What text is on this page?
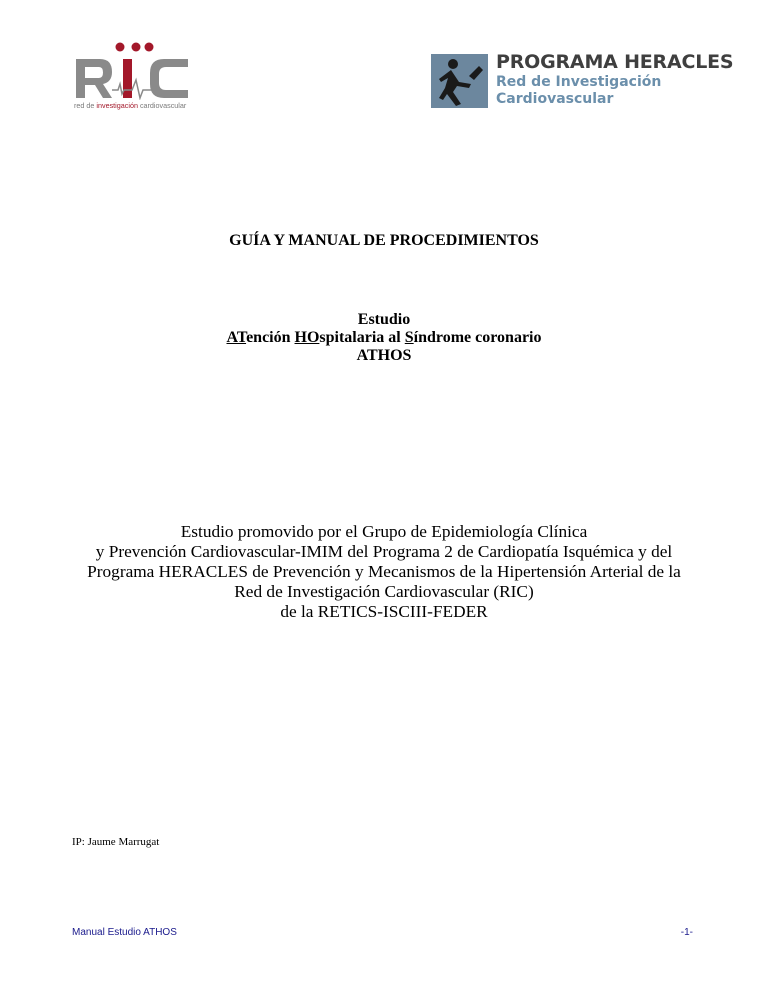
red de investigación cardiovascular
PROGRAMA HERACLES
Red de Investigación
Cardiovascular
GUÍA Y MANUAL DE PROCEDIMIENTOS
Estudio
ATención HOspitalaria al Síndrome coronario
ATHOS
Estudio promovido por el Grupo de Epidemiología Clínica
y Prevención Cardiovascular-IMIM del Programa 2 de Cardiopatía Isquémica y del
Programa HERACLES de Prevención y Mecanismos de la Hipertensión Arterial de la
Red de Investigación Cardiovascular (RIC)
de la RETICS-ISCIII-FEDER
IP: Jaume Marrugat
Manual Estudio ATHOS	-1-
